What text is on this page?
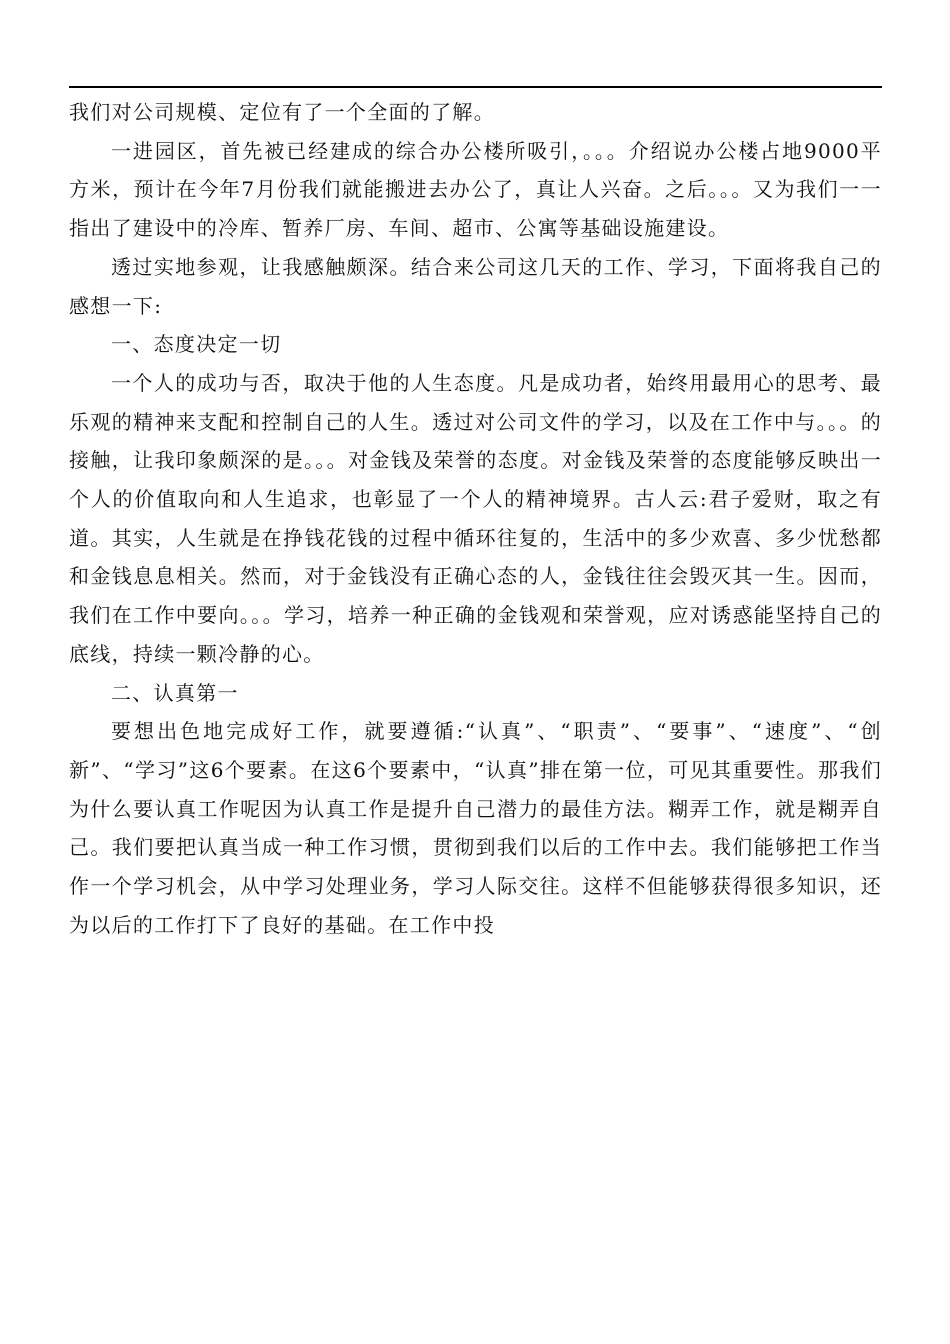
我们对公司规模、定位有了一个全面的了解。

一进园区，首先被已经建成的综合办公楼所吸引，。。。介绍说办公楼占地9000平方米，预计在今年7月份我们就能搬进去办公了，真让人兴奋。之后。。。又为我们一一指出了建设中的冷库、暂养厂房、车间、超市、公寓等基础设施建设。

透过实地参观，让我感触颇深。结合来公司这几天的工作、学习，下面将我自己的感想一下:

一、态度决定一切

一个人的成功与否，取决于他的人生态度。凡是成功者，始终用最用心的思考、最乐观的精神来支配和控制自己的人生。透过对公司文件的学习，以及在工作中与。。。的接触，让我印象颇深的是。。。对金钱及荣誉的态度。对金钱及荣誉的态度能够反映出一个人的价值取向和人生追求，也彰显了一个人的精神境界。古人云:君子爱财，取之有道。其实，人生就是在挣钱花钱的过程中循环往复的，生活中的多少欢喜、多少忧愁都和金钱息息相关。然而，对于金钱没有正确心态的人，金钱往往会毁灭其一生。因而，我们在工作中要向。。。学习，培养一种正确的金钱观和荣誉观，应对诱惑能坚持自己的底线，持续一颗冷静的心。

二、认真第一

要想出色地完成好工作，就要遵循:“认真”、“职责”、“要事”、“速度”、“创新”、“学习”这6个要素。在这6个要素中，“认真”排在第一位，可见其重要性。那我们为什么要认真工作呢因为认真工作是提升自己潜力的最佳方法。糊弄工作，就是糊弄自己。我们要把认真当成一种工作习惯，贯彻到我们以后的工作中去。我们能够把工作当作一个学习机会，从中学习处理业务，学习人际交往。这样不但能够获得很多知识，还为以后的工作打下了良好的基础。在工作中投
